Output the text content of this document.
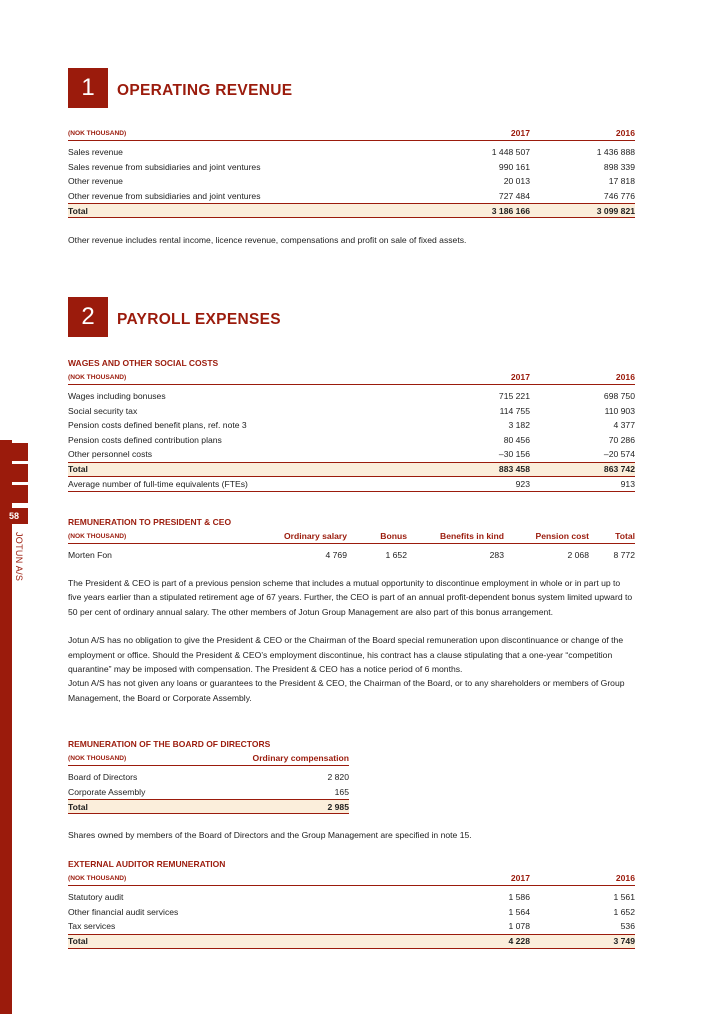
58
JOTUN A/S
1	OPERATING REVENUE
(NOK THOUSAND)	2017	2016

Sales revenue	1 448 507	1 436 888
Sales revenue from subsidiaries and joint ventures	990 161	898 339
Other revenue	20 013	17 818
Other revenue from subsidiaries and joint ventures	727 484	746 776
Total	3 186 166	3 099 821
Other revenue includes rental income, licence revenue, compensations and profit on sale of fixed assets.
2	PAYROLL EXPENSES
WAGES AND OTHER SOCIAL COSTS
(NOK THOUSAND)	2017	2016

Wages including bonuses	715 221	698 750
Social security tax	114 755	110 903
Pension costs defined benefit plans, ref. note 3	3 182	4 377
Pension costs defined contribution plans	80 456	70 286
Other personnel costs	–30 156	–20 574
Total	883 458	863 742
Average number of full-time equivalents (FTEs)	923	913
REMUNERATION TO PRESIDENT & CEO
(NOK THOUSAND)	Ordinary salary	Bonus	Benefits in kind	Pension cost	Total

Morten Fon	4 769	1 652	283	2 068	8 772

The President & CEO is part of a previous pension scheme that includes a mutual opportunity to discontinue employment in whole or in part up to five years earlier than a stipulated retirement age of 67 years. Further, the CEO is part of an annual profit-dependent bonus system limited upward to 50 per cent of ordinary annual salary. The other members of Jotun Group Management are also part of this bonus arrangement.

Jotun A/S has no obligation to give the President & CEO or the Chairman of the Board special remuneration upon discontinuance or change of the employment or office. Should the President & CEO’s employment discontinue, his contract has a clause stipulating that a one-year “competition quarantine” may be imposed with compensation. The President & CEO has a notice period of 6 months.

Jotun A/S has not given any loans or guarantees to the President & CEO, the Chairman of the Board, or to any shareholders or members of Group Management, the Board or Corporate Assembly.

REMUNERATION OF THE BOARD OF DIRECTORS
(NOK THOUSAND)	Ordinary compensation

Board of Directors	2 820
Corporate Assembly	165
Total	2 985
Shares owned by members of the Board of Directors and the Group Management are specified in note 15.
EXTERNAL AUDITOR REMUNERATION
(NOK THOUSAND)	2017	2016

Statutory audit	1 586	1 561
Other financial audit services	1 564	1 652
Tax services	1 078	536
Total	4 228	3 749
